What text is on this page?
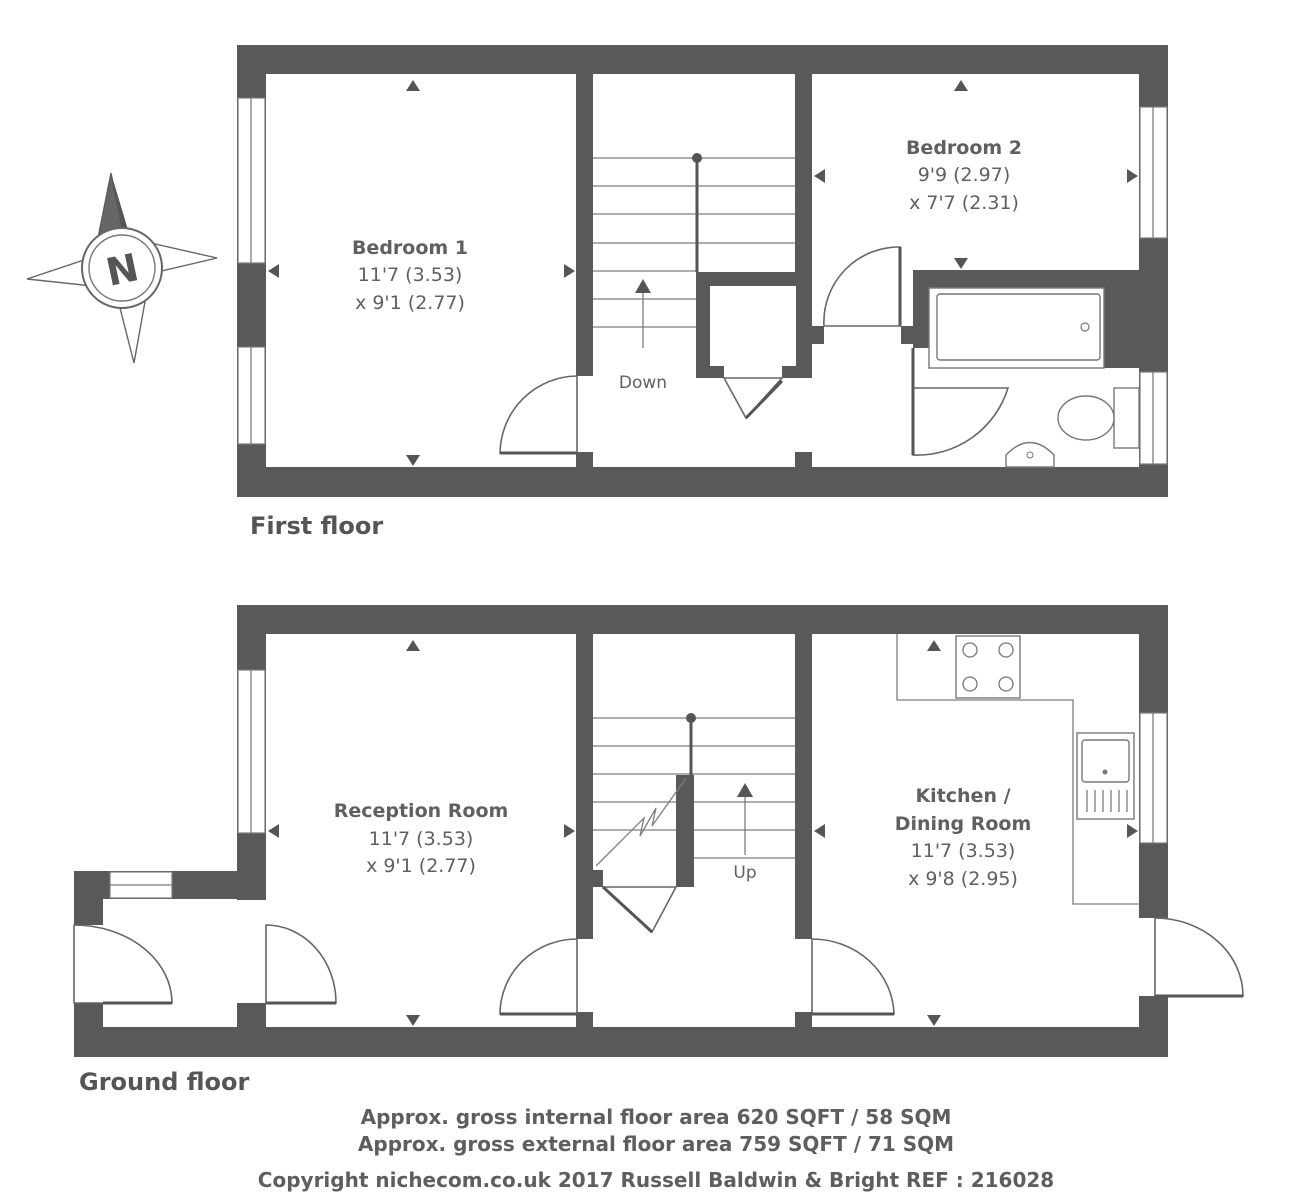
N	Bedroom 1
11'7 (3.53)
x 9'1 (2.77)
Bedroom 2
9'9 (2.97)
x 7'7 (2.31)
Down
First floor
Reception Room
11'7 (3.53)
x 9'1 (2.77)
Kitchen /
Dining Room
11'7 (3.53)
x 9'8 (2.95)
Up
Ground floor
Approx. gross internal floor area 620 SQFT / 58 SQM
Approx. gross external floor area 759 SQFT / 71 SQM
Copyright nichecom.co.uk 2017 Russell Baldwin & Bright REF : 216028
